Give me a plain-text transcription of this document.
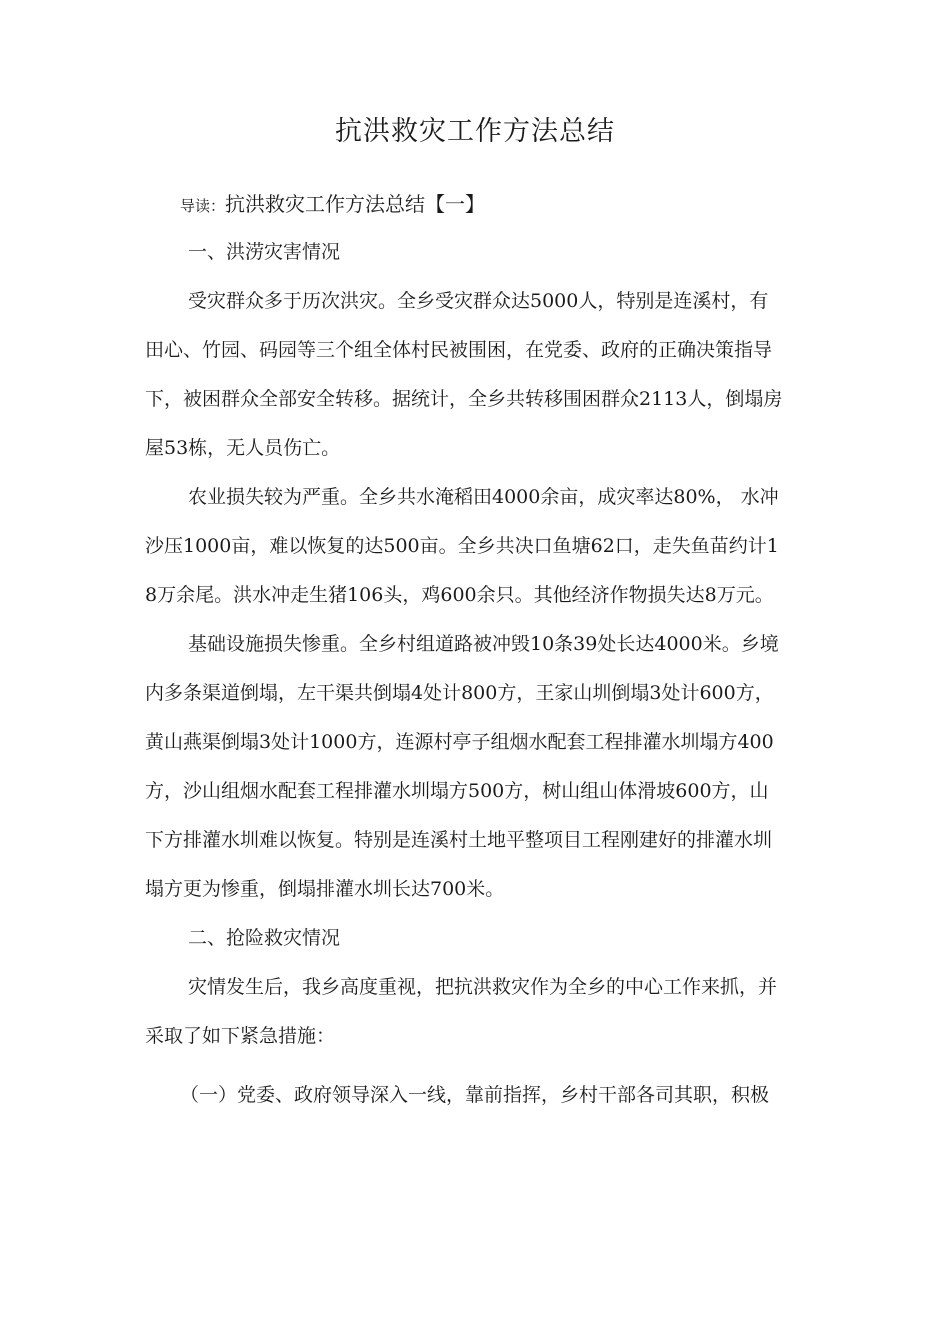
抗洪救灾工作方法总结
导读：抗洪救灾工作方法总结【一】
一、洪涝灾害情况
受灾群众多于历次洪灾。全乡受灾群众达5000人，特别是连溪村，有
田心、竹园、码园等三个组全体村民被围困，在党委、政府的正确决策指导
下，被困群众全部安全转移。据统计，全乡共转移围困群众2113人，倒塌房
屋53栋，无人员伤亡。
农业损失较为严重。全乡共水淹稻田4000余亩，成灾率达80%， 水冲
沙压1000亩，难以恢复的达500亩。全乡共决口鱼塘62口，走失鱼苗约计1
8万余尾。洪水冲走生猪106头，鸡600余只。其他经济作物损失达8万元。
基础设施损失惨重。全乡村组道路被冲毁10条39处长达4000米。乡境
内多条渠道倒塌，左干渠共倒塌4处计800方，王家山圳倒塌3处计600方，
黄山燕渠倒塌3处计1000方，连源村亭子组烟水配套工程排灌水圳塌方400
方，沙山组烟水配套工程排灌水圳塌方500方，树山组山体滑坡600方，山
下方排灌水圳难以恢复。特别是连溪村土地平整项目工程刚建好的排灌水圳
塌方更为惨重，倒塌排灌水圳长达700米。
二、抢险救灾情况
灾情发生后，我乡高度重视，把抗洪救灾作为全乡的中心工作来抓，并
采取了如下紧急措施：
（一）党委、政府领导深入一线，靠前指挥，乡村干部各司其职，积极
